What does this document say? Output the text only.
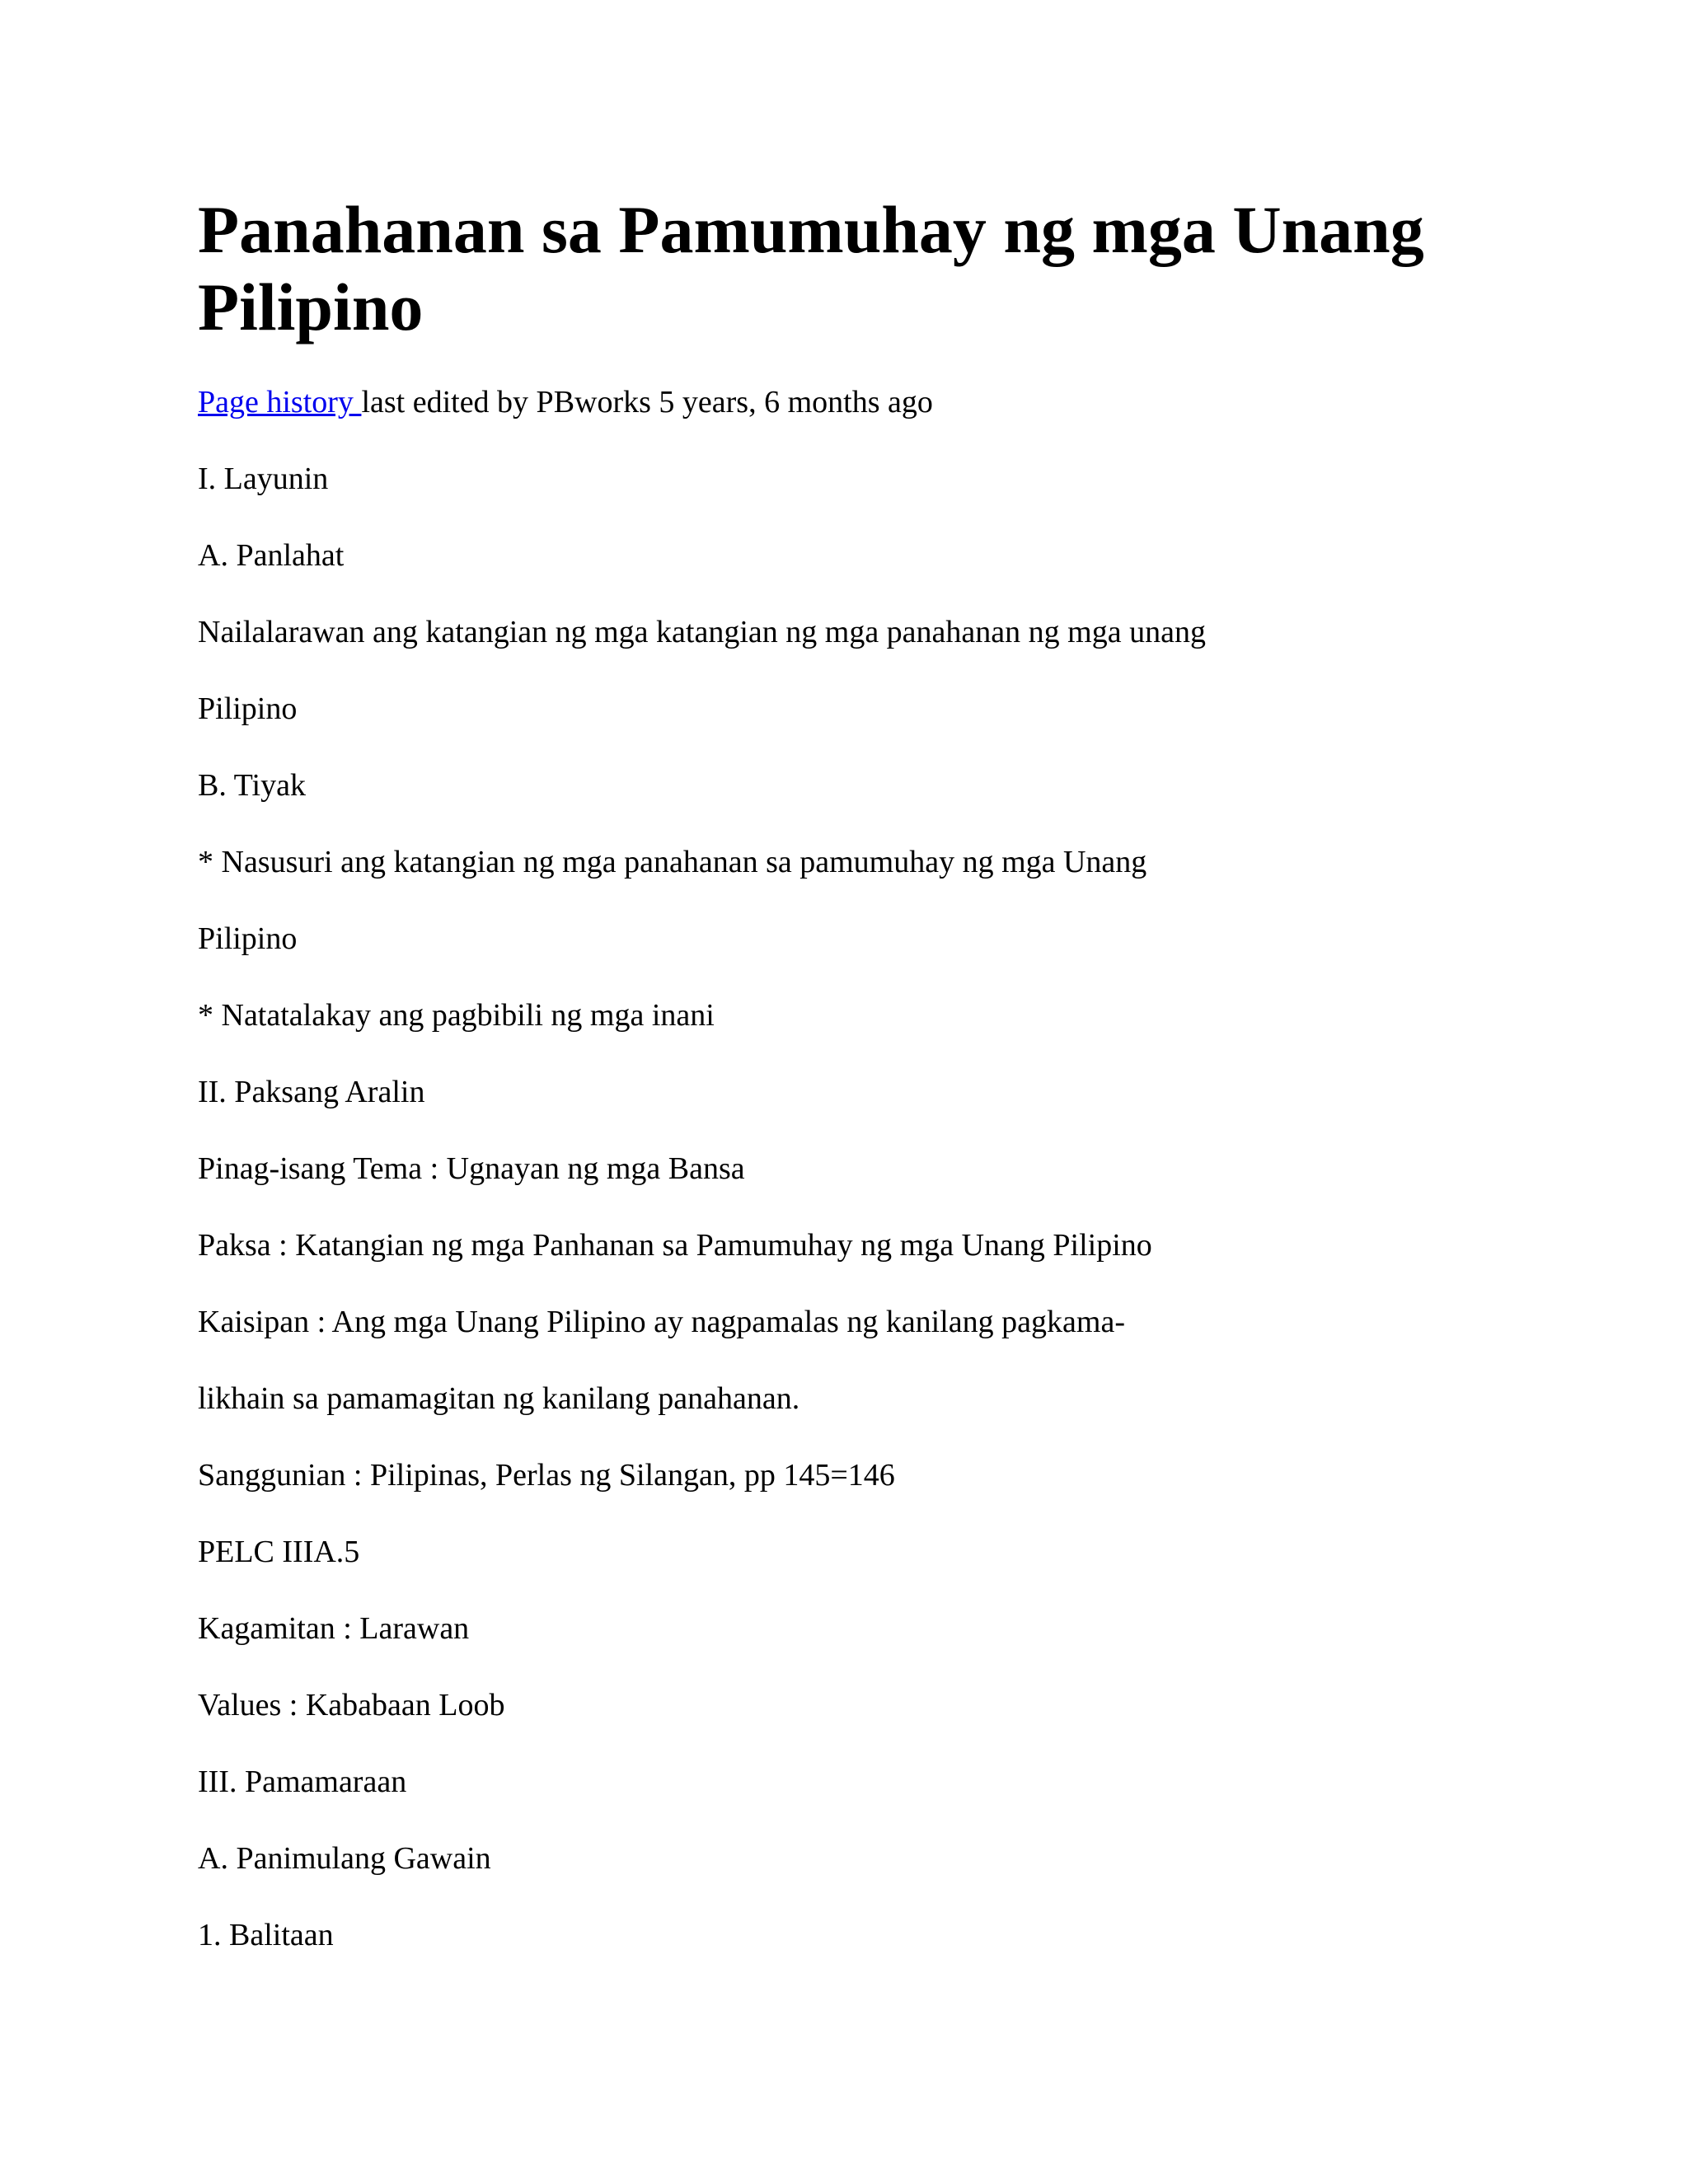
Panahanan sa Pamumuhay ng mga Unang Pilipino
Page history last edited by PBworks 5 years, 6 months ago
I. Layunin
A. Panlahat
Nailalarawan ang katangian ng mga katangian ng mga panahanan ng mga unang
Pilipino
B. Tiyak
* Nasusuri ang katangian ng mga panahanan sa pamumuhay ng mga Unang
Pilipino
* Natatalakay ang pagbibili ng mga inani
II. Paksang Aralin
Pinag-isang Tema : Ugnayan ng mga Bansa
Paksa : Katangian ng mga Panhanan sa Pamumuhay ng mga Unang Pilipino
Kaisipan : Ang mga Unang Pilipino ay nagpamalas ng kanilang pagkama-
likhain sa pamamagitan ng kanilang panahanan.
Sanggunian : Pilipinas, Perlas ng Silangan, pp 145=146
PELC IIIA.5
Kagamitan : Larawan
Values : Kababaan Loob
III. Pamamaraan
A. Panimulang Gawain
1. Balitaan
